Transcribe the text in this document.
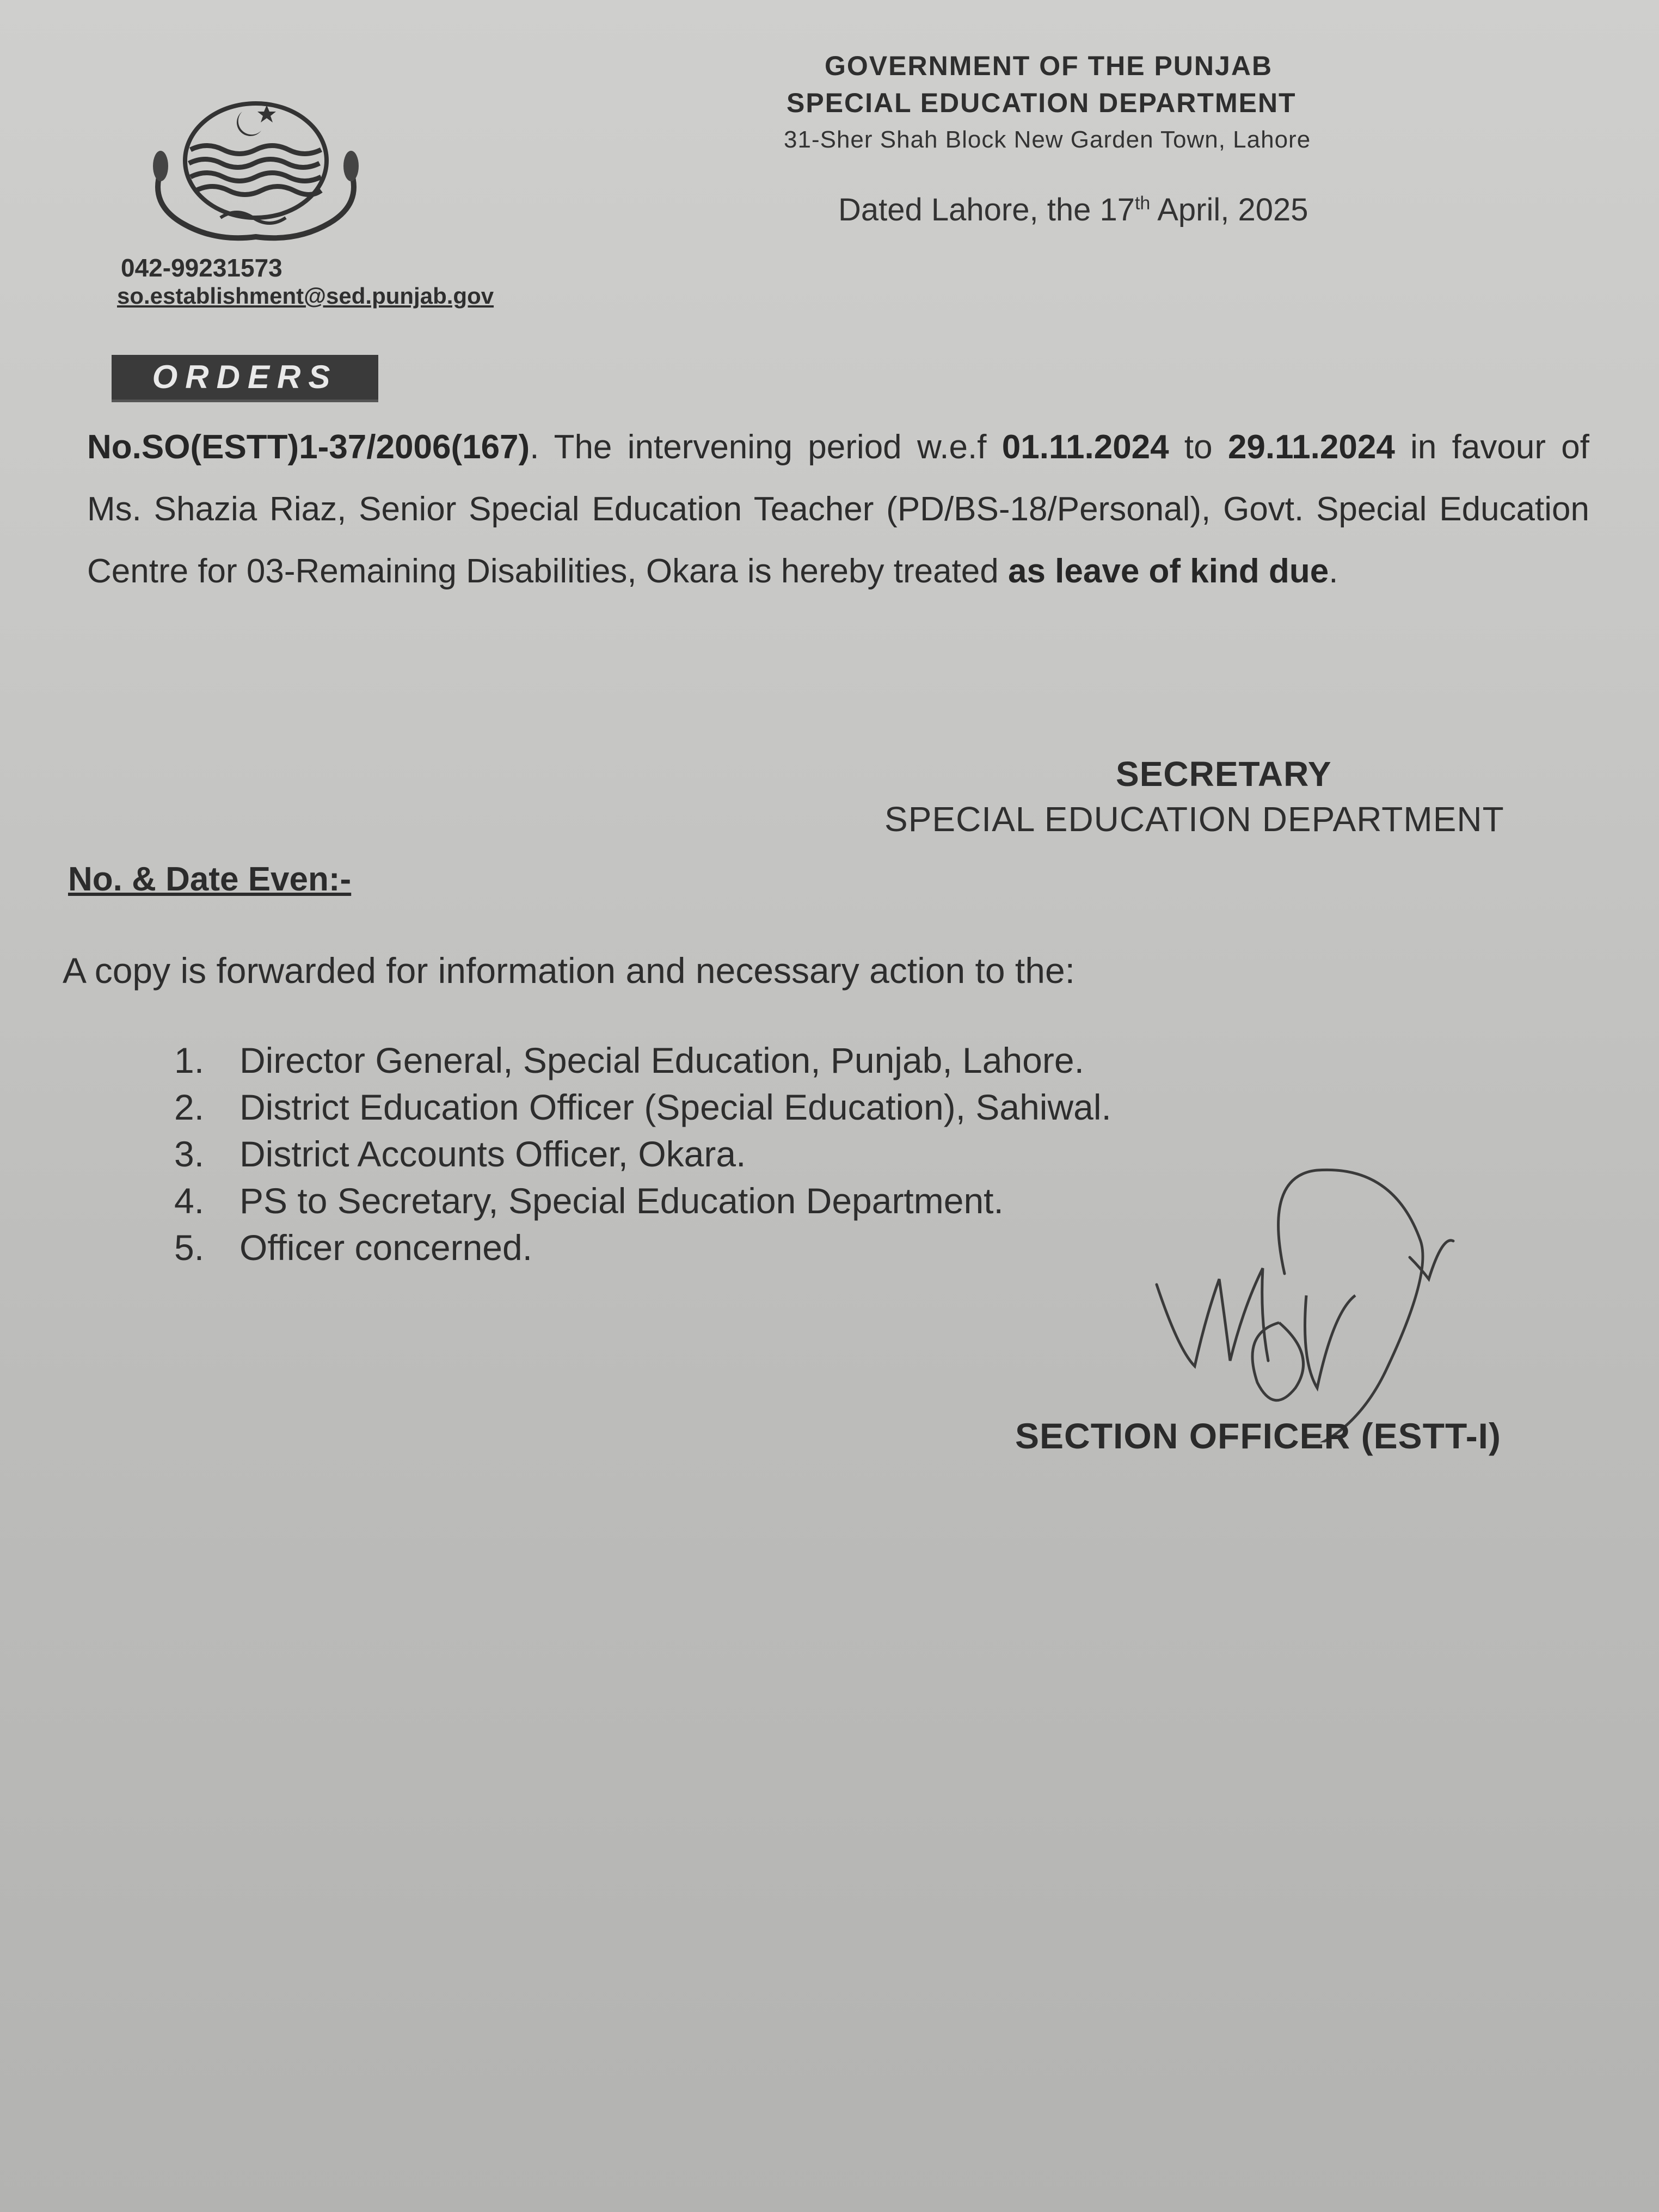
GOVERNMENT OF THE PUNJAB
SPECIAL EDUCATION DEPARTMENT
31-Sher Shah Block New Garden Town, Lahore
Dated Lahore, the 17th April, 2025
042-99231573
so.establishment@sed.punjab.gov
ORDERS
No.SO(ESTT)1-37/2006(167). The intervening period w.e.f 01.11.2024 to 29.11.2024 in favour of Ms. Shazia Riaz, Senior Special Education Teacher (PD/BS-18/Personal), Govt. Special Education Centre for 03-Remaining Disabilities, Okara is hereby treated as leave of kind due.
SECRETARY
SPECIAL EDUCATION DEPARTMENT
No. & Date Even:-
A copy is forwarded for information and necessary action to the:
1. Director General, Special Education, Punjab, Lahore.
2. District Education Officer (Special Education), Sahiwal.
3. District Accounts Officer, Okara.
4. PS to Secretary, Special Education Department.
5. Officer concerned.
SECTION OFFICER (ESTT-I)
